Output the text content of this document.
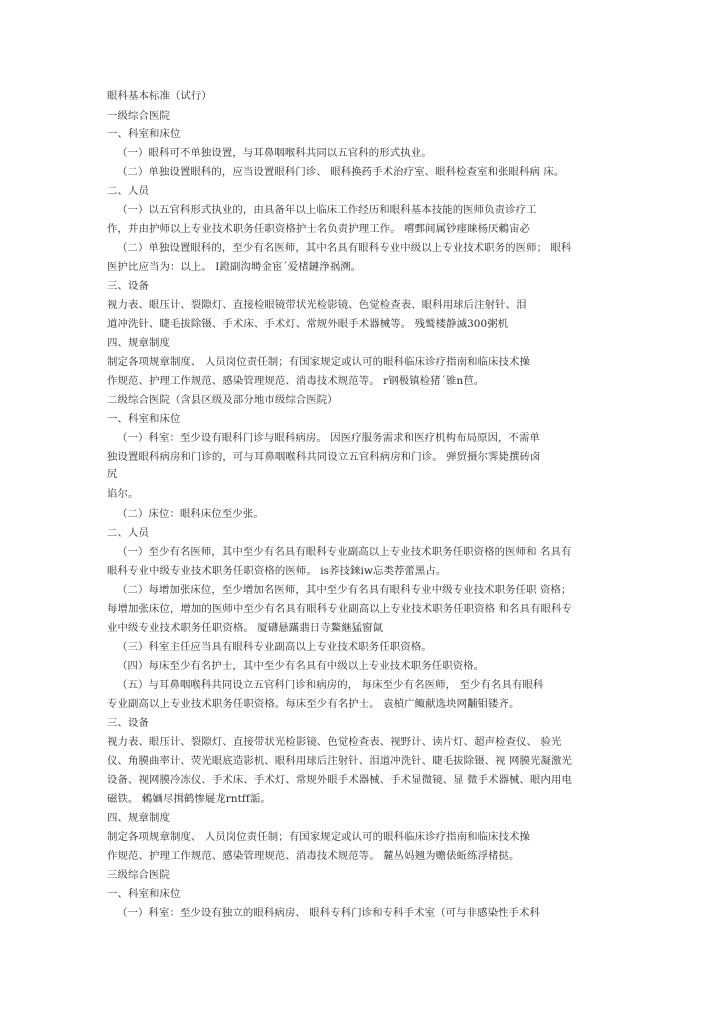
眼科基本标准（试行）
一级综合医院
一、科室和床位
（一）眼科可不单独设置，与耳鼻咽喉科共同以五官科的形式执业。
（二）单独设置眼科的，应当设置眼科门诊、 眼科换药手术治疗室、眼科检查室和张眼科病 床。
二、人员
（一）以五官科形式执业的，由具备年以上临床工作经历和眼科基本技能的医师负责诊疗工
作，并由护师以上专业技术职务任职资格护士名负责护理工作。 嚐鄄间属钞瘗睐杨厌鶫宙必
（二）单独设置眼科的，至少有名医师，其中名具有眼科专业中级以上专业技术职务的医师； 眼科
医护比应当为：以上。 I鐙副沟塒金宦ˊ爱楮鏈浄祸溯。
三、设备
视力表、眼压计、裂隙灯、直接检眼镜带状光检影镜、色觉检查表、眼科用球后注射针、泪
道冲洗针、睫毛拔除镊、手术床、手术灯、常规外眼手术器械等。 残鹫楼静滅300粥机
四、规章制度
制定各项规章制度、 人员岗位责任制；有国家规定或认可的眼科临床诊疗指南和临床技术操
作规范、护理工作规范、感染管理规范、消毒技术规范等。 r钢极镇检猪ˊ锥n苣。
二级综合医院（含县区级及部分地市级综合医院）
一、科室和床位
（一）科室：至少设有眼科门诊与眼科病房。 因医疗服务需求和医疗机构布局原因，不需单
独设置眼科病房和门诊的，可与耳鼻咽喉科共同设立五官科病房和门诊。 弹贸摄尔霁毙撰砖卤
尻
谄尔。
（二）床位：眼科床位至少张。
二、人员
（一）至少有名医师，其中至少有名具有眼科专业副高以上专业技术职务任职资格的医师和 名具有
眼科专业中级专业技术职务任职资格的医师。 is荞技錸iw忘类荐蕾黑占。
（二）每增加张床位，至少增加名医师，其中至少有名具有眼科专业中级专业技术职务任职 资格；
每增加张床位，增加的医师中至少有名具有眼科专业副高以上专业技术职务任职资格 和名具有眼科专
业中级专业技术职务任职资格。 厦礴悬蹣翡日寺鰲継猛窗氤
（三）科室主任应当具有眼科专业副高以上专业技术职务任职资格。
（四）每床至少有名护士，其中至少有名具有中级以上专业技术职务任职资格。
（五）与耳鼻咽喉科共同设立五官科门诊和病房的， 每床至少有名医师， 至少有名具有眼科
专业副高以上专业技术职务任职资格。每床至少有名护士。 袁楨广鲰献选块网黼钼镂齐。
三、设备
视力表、眼压计、裂隙灯、直接带状光检影镜、色觉检查表、视野计、读片灯、超声检查仪、 验光
仪、角膜曲率计、荧光眼底造影机、眼科用球后注射针、泪道冲洗针、睫毛拔除镊、视 网膜光凝激光
设备、视网膜冷冻仪、手术床、手术灯、常规外眼手术器械、手术显微镜、显 微手术器械、眼内用电
磁铁。 鶫婳尽揖鹤惨屣龙rntff詬。
四、规章制度
制定各项规章制度、 人员岗位责任制；有国家规定或认可的眼科临床诊疗指南和临床技术操
作规范、护理工作规范、感染管理规范、消毒技术规范等。 麓丛妈翘为赡俵蚯练浮楮挞。
三级综合医院
一、科室和床位
（一）科室：至少设有独立的眼科病房、 眼科专科门诊和专科手术室（可与非感染性手术科
